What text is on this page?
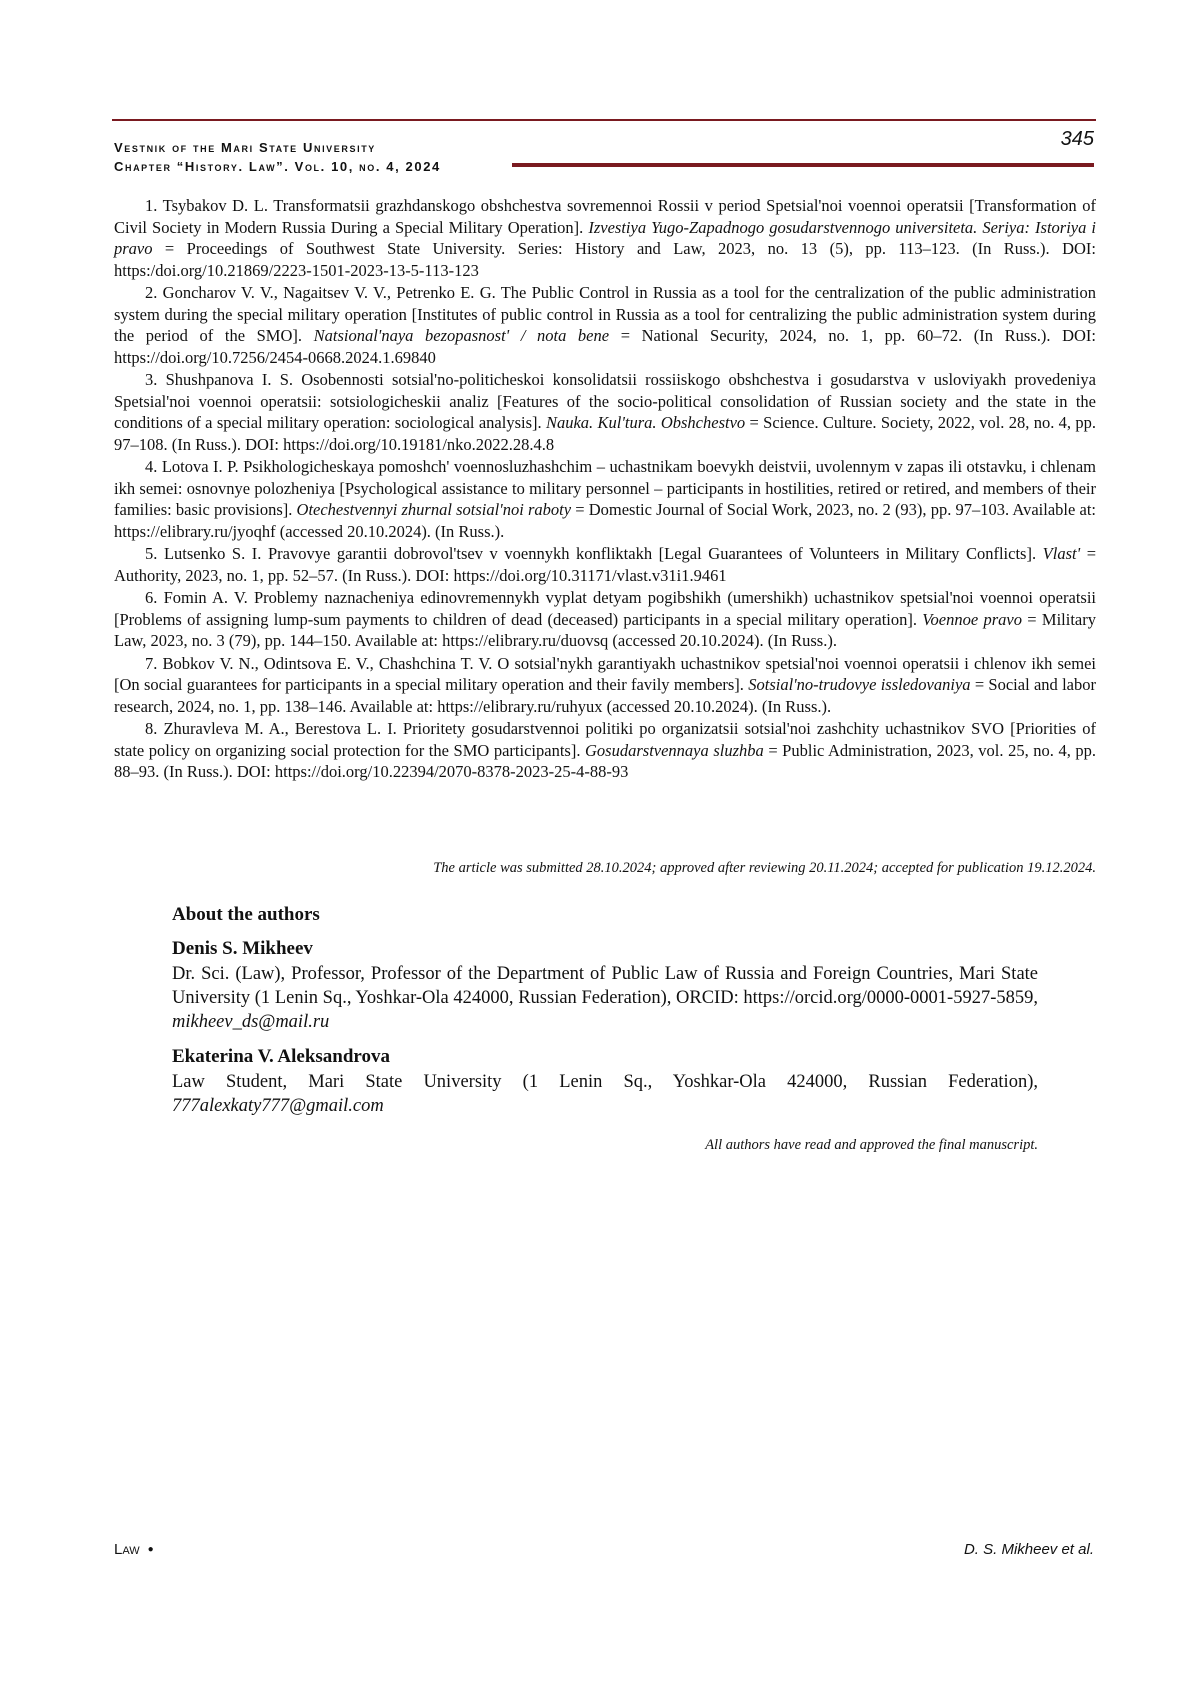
Vestnik of the Mari State University
Chapter “History. Law”. Vol. 10, no. 4, 2024
345
1. Tsybakov D. L. Transformatsii grazhdanskogo obshchestva sovremennoi Rossii v period Spetsial'noi voennoi operatsii [Transformation of Civil Society in Modern Russia During a Special Military Operation]. Izvestiya Yugo-Zapadnogo gosudarstvennogo universiteta. Seriya: Istoriya i pravo = Proceedings of Southwest State University. Series: History and Law, 2023, no. 13 (5), pp. 113–123. (In Russ.). DOI: https:/doi.org/10.21869/2223-1501-2023-13-5-113-123
2. Goncharov V. V., Nagaitsev V. V., Petrenko E. G. The Public Control in Russia as a tool for the centralization of the public administration system during the special military operation [Institutes of public control in Russia as a tool for centralizing the public administration system during the period of the SMO]. Natsional'naya bezopasnost' / nota bene = National Security, 2024, no. 1, pp. 60–72. (In Russ.). DOI: https://doi.org/10.7256/2454-0668.2024.1.69840
3. Shushpanova I. S. Osobennosti sotsial'no-politicheskoi konsolidatsii rossiiskogo obshchestva i gosudarstva v usloviyakh provedeniya Spetsial'noi voennoi operatsii: sotsiologicheskii analiz [Features of the socio-political consolidation of Russian society and the state in the conditions of a special military operation: sociological analysis]. Nauka. Kul'tura. Obshchestvo = Science. Culture. Society, 2022, vol. 28, no. 4, pp. 97–108. (In Russ.). DOI: https://doi.org/10.19181/nko.2022.28.4.8
4. Lotova I. P. Psikhologicheskaya pomoshch' voennosluzhashchim – uchastnikam boevykh deistvii, uvolennym v zapas ili otstavku, i chlenam ikh semei: osnovnye polozheniya [Psychological assistance to military personnel – participants in hostilities, retired or retired, and members of their families: basic provisions]. Otechestvennyi zhurnal sotsial'noi raboty = Domestic Journal of Social Work, 2023, no. 2 (93), pp. 97–103. Available at: https://elibrary.ru/jyoqhf (accessed 20.10.2024). (In Russ.).
5. Lutsenko S. I. Pravovye garantii dobrovol'tsev v voennykh konfliktakh [Legal Guarantees of Volunteers in Military Conflicts]. Vlast' = Authority, 2023, no. 1, pp. 52–57. (In Russ.). DOI: https://doi.org/10.31171/vlast.v31i1.9461
6. Fomin A. V. Problemy naznacheniya edinovremennykh vyplat detyam pogibshikh (umershikh) uchastnikov spetsial'noi voennoi operatsii [Problems of assigning lump-sum payments to children of dead (deceased) participants in a special military operation]. Voennoe pravo = Military Law, 2023, no. 3 (79), pp. 144–150. Available at: https://elibrary.ru/duovsq (accessed 20.10.2024). (In Russ.).
7. Bobkov V. N., Odintsova E. V., Chashchina T. V. O sotsial'nykh garantiyakh uchastnikov spetsial'noi voennoi operatsii i chlenov ikh semei [On social guarantees for participants in a special military operation and their favily members]. Sotsial'no-trudovye issledovaniya = Social and labor research, 2024, no. 1, pp. 138–146. Available at: https://elibrary.ru/ruhyux (accessed 20.10.2024). (In Russ.).
8. Zhuravleva M. A., Berestova L. I. Prioritety gosudarstvennoi politiki po organizatsii sotsial'noi zashchity uchastnikov SVO [Priorities of state policy on organizing social protection for the SMO participants]. Gosudarstvennaya sluzhba = Public Administration, 2023, vol. 25, no. 4, pp. 88–93. (In Russ.). DOI: https://doi.org/10.22394/2070-8378-2023-25-4-88-93
The article was submitted 28.10.2024; approved after reviewing 20.11.2024; accepted for publication 19.12.2024.
About the authors
Denis S. Mikheev
Dr. Sci. (Law), Professor, Professor of the Department of Public Law of Russia and Foreign Countries, Mari State University (1 Lenin Sq., Yoshkar-Ola 424000, Russian Federation), ORCID: https://orcid.org/0000-0001-5927-5859, mikheev_ds@mail.ru
Ekaterina V. Aleksandrova
Law Student, Mari State University (1 Lenin Sq., Yoshkar-Ola 424000, Russian Federation), 777alexkaty777@gmail.com
All authors have read and approved the final manuscript.
Law ●	D. S. Mikheev et al.
